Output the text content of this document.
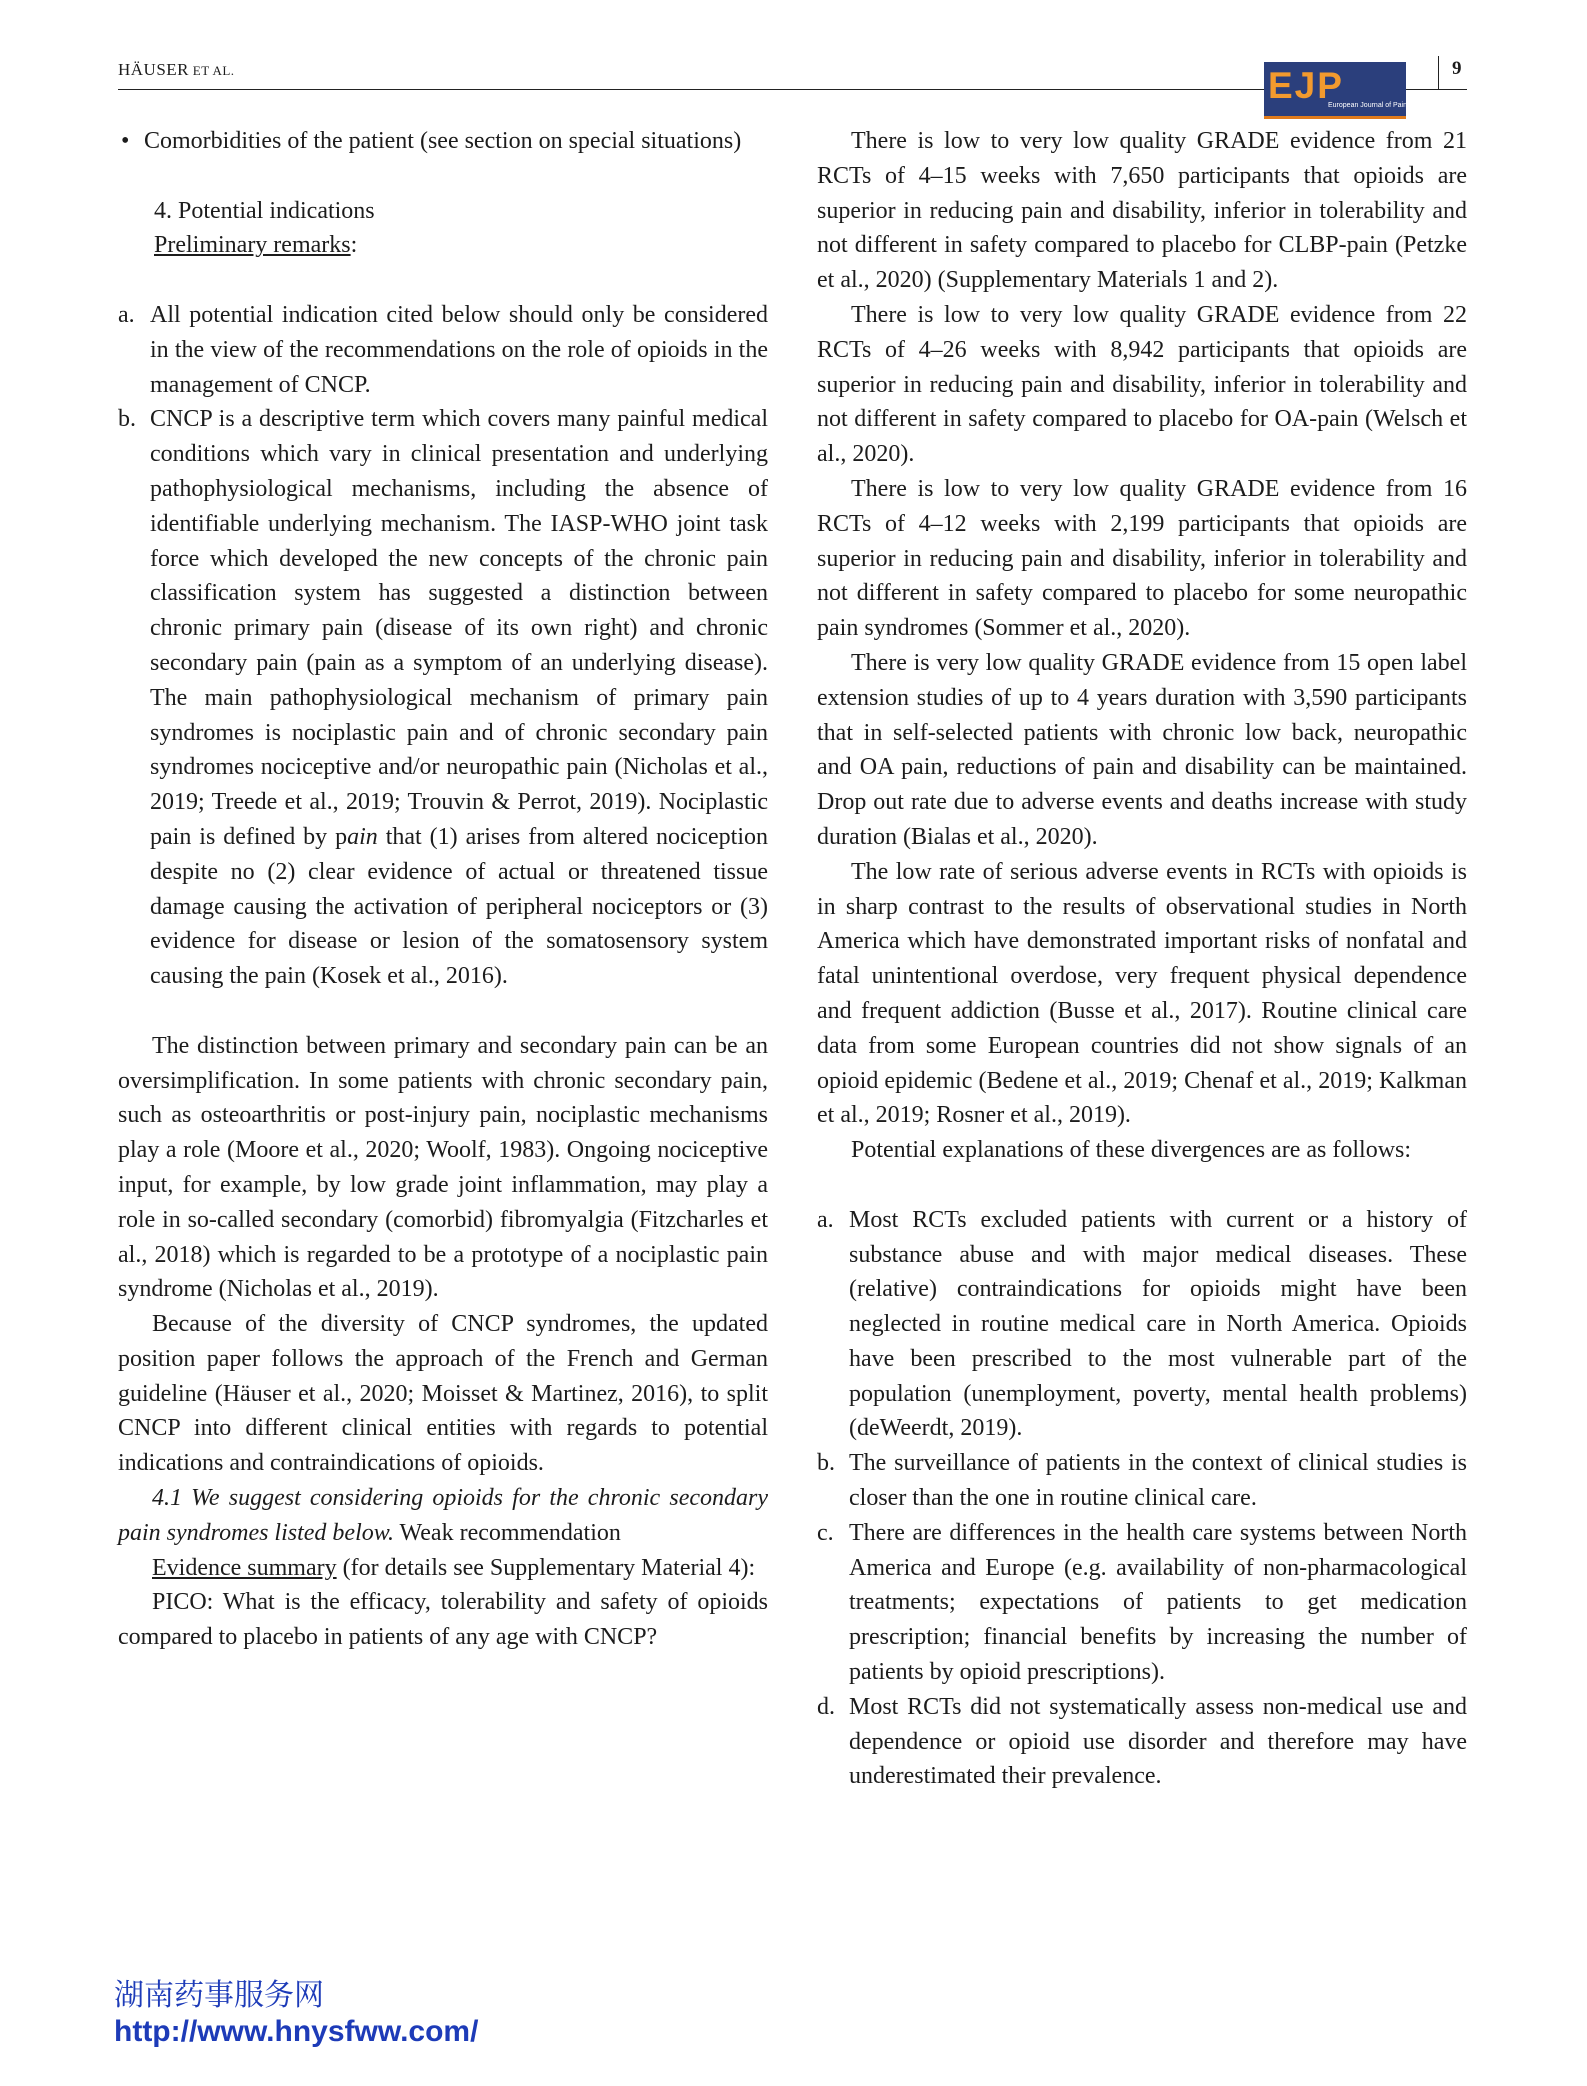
HÄUSER ET AL.	EJP
European Journal of Pain
9
• Comorbidities of the patient (see section on special situations)

4. Potential indications

Preliminary remarks:

a. All potential indication cited below should only be considered in the view of the recommendations on the role of opioids in the management of CNCP.
b. CNCP is a descriptive term which covers many painful medical conditions which vary in clinical presentation and underlying pathophysiological mechanisms, including the absence of identifiable underlying mechanism. The IASP-WHO joint task force which developed the new concepts of the chronic pain classification system has suggested a distinction between chronic primary pain (disease of its own right) and chronic secondary pain (pain as a symptom of an underlying disease). The main pathophysiological mechanism of primary pain syndromes is nociplastic pain and of chronic secondary pain syndromes nociceptive and/or neuropathic pain (Nicholas et al., 2019; Treede et al., 2019; Trouvin & Perrot, 2019). Nociplastic pain is defined by pain that (1) arises from altered nociception despite no (2) clear evidence of actual or threatened tissue damage causing the activation of peripheral nociceptors or (3) evidence for disease or lesion of the somatosensory system causing the pain (Kosek et al., 2016).

The distinction between primary and secondary pain can be an oversimplification. In some patients with chronic secondary pain, such as osteoarthritis or post-injury pain, nociplastic mechanisms play a role (Moore et al., 2020; Woolf, 1983). Ongoing nociceptive input, for example, by low grade joint inflammation, may play a role in so-called secondary (comorbid) fibromyalgia (Fitzcharles et al., 2018) which is regarded to be a prototype of a nociplastic pain syndrome (Nicholas et al., 2019).

Because of the diversity of CNCP syndromes, the updated position paper follows the approach of the French and German guideline (Häuser et al., 2020; Moisset & Martinez, 2016), to split CNCP into different clinical entities with regards to potential indications and contraindications of opioids.

4.1 We suggest considering opioids for the chronic secondary pain syndromes listed below. Weak recommendation

Evidence summary (for details see Supplementary Material 4):

PICO: What is the efficacy, tolerability and safety of opioids compared to placebo in patients of any age with CNCP?

There is low to very low quality GRADE evidence from 21 RCTs of 4–15 weeks with 7,650 participants that opioids are superior in reducing pain and disability, inferior in tolerability and not different in safety compared to placebo for CLBP-pain (Petzke et al., 2020) (Supplementary Materials 1 and 2).

There is low to very low quality GRADE evidence from 22 RCTs of 4–26 weeks with 8,942 participants that opioids are superior in reducing pain and disability, inferior in tolerability and not different in safety compared to placebo for OA-pain (Welsch et al., 2020).

There is low to very low quality GRADE evidence from 16 RCTs of 4–12 weeks with 2,199 participants that opioids are superior in reducing pain and disability, inferior in tolerability and not different in safety compared to placebo for some neuropathic pain syndromes (Sommer et al., 2020).

There is very low quality GRADE evidence from 15 open label extension studies of up to 4 years duration with 3,590 participants that in self-selected patients with chronic low back, neuropathic and OA pain, reductions of pain and disability can be maintained. Drop out rate due to adverse events and deaths increase with study duration (Bialas et al., 2020).

The low rate of serious adverse events in RCTs with opioids is in sharp contrast to the results of observational studies in North America which have demonstrated important risks of nonfatal and fatal unintentional overdose, very frequent physical dependence and frequent addiction (Busse et al., 2017). Routine clinical care data from some European countries did not show signals of an opioid epidemic (Bedene et al., 2019; Chenaf et al., 2019; Kalkman et al., 2019; Rosner et al., 2019).

Potential explanations of these divergences are as follows:

a. Most RCTs excluded patients with current or a history of substance abuse and with major medical diseases. These (relative) contraindications for opioids might have been neglected in routine medical care in North America. Opioids have been prescribed to the most vulnerable part of the population (unemployment, poverty, mental health problems) (deWeerdt, 2019).
b. The surveillance of patients in the context of clinical studies is closer than the one in routine clinical care.
c. There are differences in the health care systems between North America and Europe (e.g. availability of non-pharmacological treatments; expectations of patients to get medication prescription; financial benefits by increasing the number of patients by opioid prescriptions).
d. Most RCTs did not systematically assess non-medical use and dependence or opioid use disorder and therefore may have underestimated their prevalence.
湖南药事服务网
http://www.hnysfww.com/
